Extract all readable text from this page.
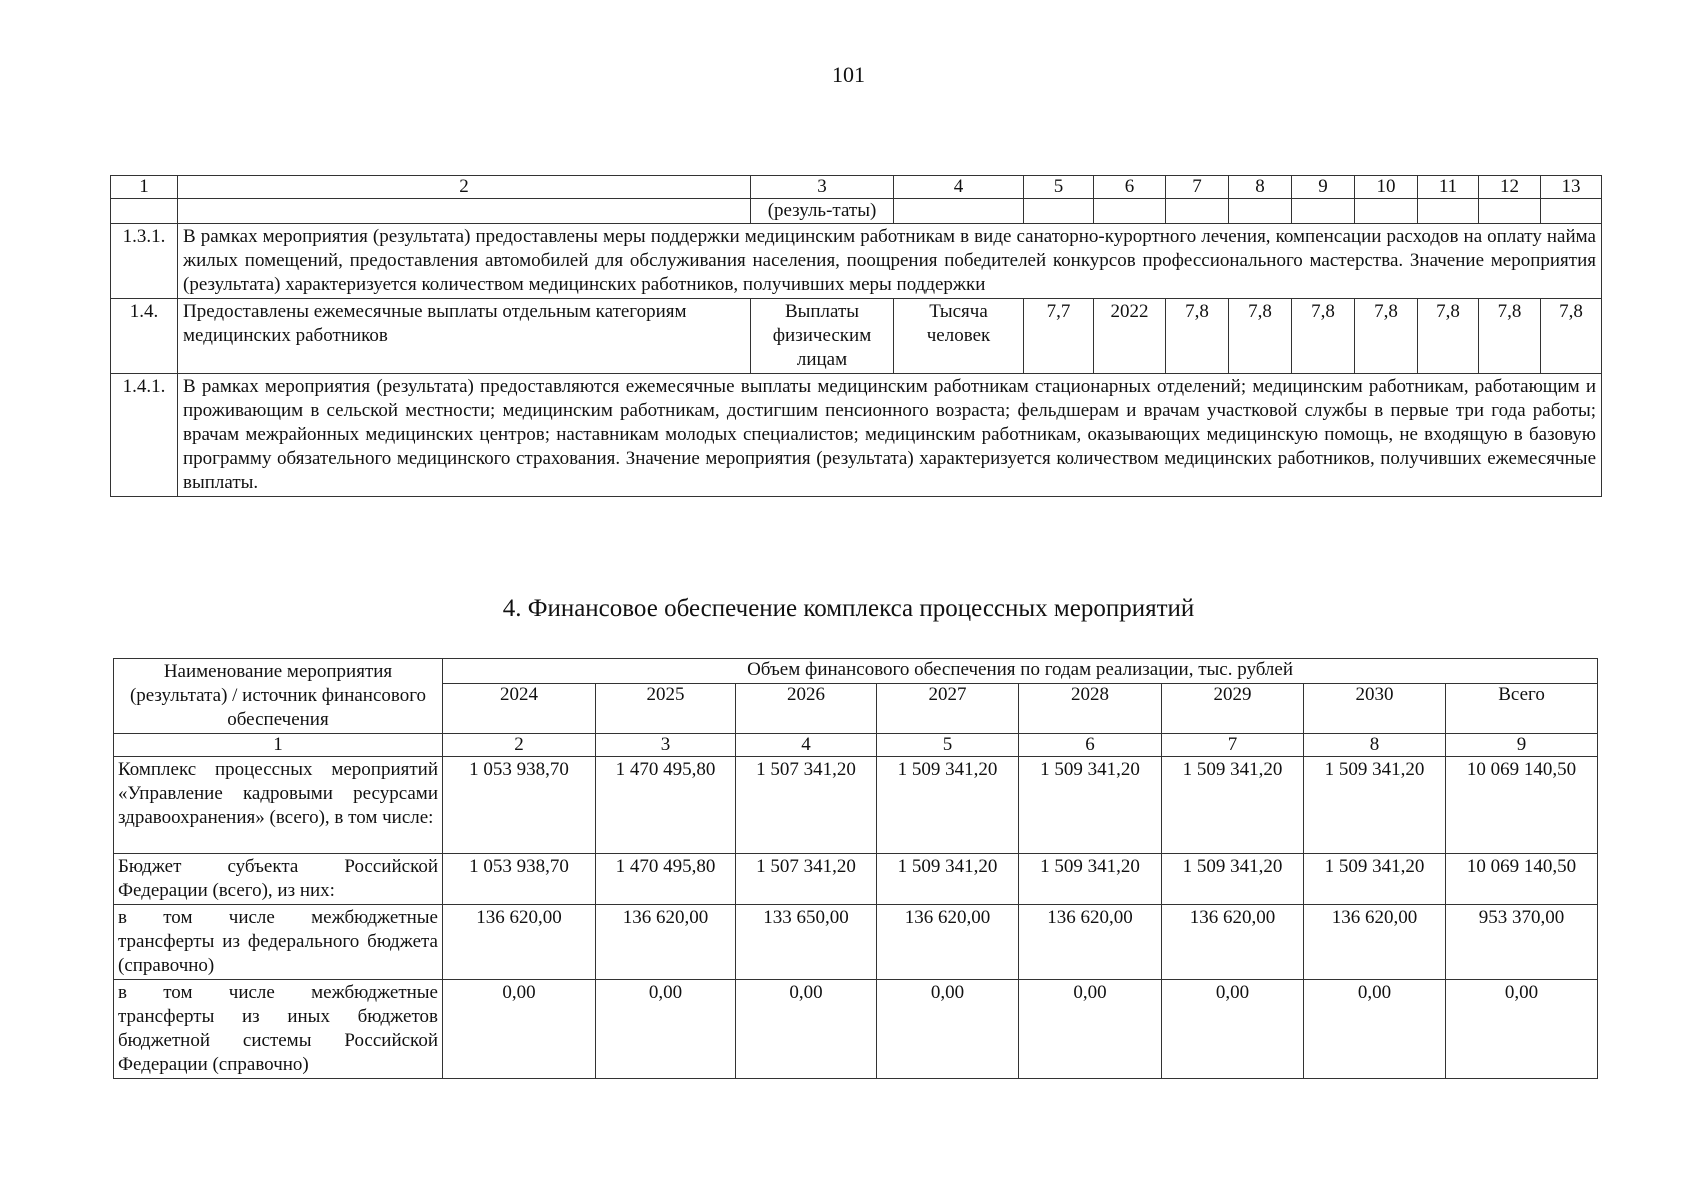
101
1	2	3	4	5	6	7	8	9	10	11	12	13
		(резуль-таты)										
1.3.1.	В рамках мероприятия (результата) предоставлены меры поддержки медицинским работникам в виде санаторно-курортного лечения, компенсации расходов на оплату найма жилых помещений, предоставления автомобилей для обслуживания населения, поощрения победителей конкурсов профессионального мастерства. Значение мероприятия (результата) характеризуется количеством медицинских работников, получивших меры поддержки											
1.4.	Предоставлены ежемесячные выплаты отдельным категориям медицинских работников	Выплаты физическим лицам	Тысяча человек	7,7	2022	7,8	7,8	7,8	7,8	7,8	7,8	7,8
1.4.1.	В рамках мероприятия (результата) предоставляются ежемесячные выплаты медицинским работникам стационарных отделений; медицинским работникам, работающим и проживающим в сельской местности; медицинским работникам, достигшим пенсионного возраста; фельдшерам и врачам участковой службы в первые три года работы; врачам межрайонных медицинских центров; наставникам молодых специалистов; медицинским работникам, оказывающих медицинскую помощь, не входящую в базовую программу обязательного медицинского страхования. Значение мероприятия (результата) характеризуется количеством медицинских работников, получивших ежемесячные выплаты.											
4. Финансовое обеспечение комплекса процессных мероприятий
Наименование мероприятия (результата) / источник финансового обеспечения	Объем финансового обеспечения по годам реализации, тыс. рублей							
	2024	2025	2026	2027	2028	2029	2030	Всего
1	2	3	4	5	6	7	8	9
Комплекс процессных мероприятий «Управление кадровыми ресурсами здравоохранения» (всего), в том числе:	1 053 938,70	1 470 495,80	1 507 341,20	1 509 341,20	1 509 341,20	1 509 341,20	1 509 341,20	10 069 140,50
Бюджет субъекта Российской Федерации (всего), из них:	1 053 938,70	1 470 495,80	1 507 341,20	1 509 341,20	1 509 341,20	1 509 341,20	1 509 341,20	10 069 140,50
в том числе межбюджетные трансферты из федерального бюджета (справочно)	136 620,00	136 620,00	133 650,00	136 620,00	136 620,00	136 620,00	136 620,00	953 370,00
в том числе межбюджетные трансферты из иных бюджетов бюджетной системы Российской Федерации (справочно)	0,00	0,00	0,00	0,00	0,00	0,00	0,00	0,00
